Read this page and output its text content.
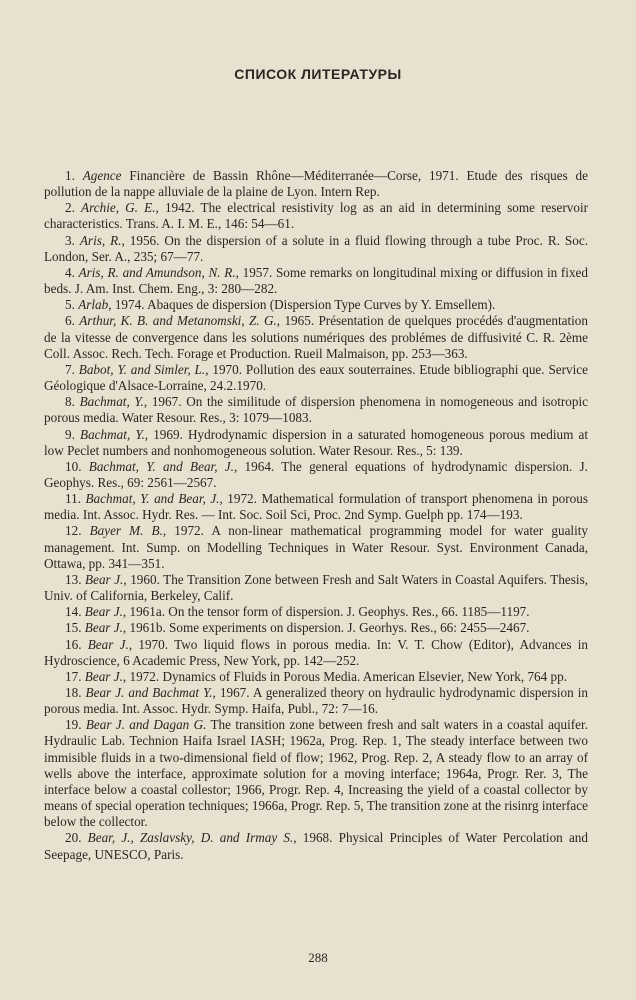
СПИСОК ЛИТЕРАТУРЫ

1. Agence Financière de Bassin Rhône—Méditerranée—Corse, 1971. Etude des risques de pollution de la nappe alluviale de la plaine de Lyon. Intern Rep.

2. Archie, G. E., 1942. The electrical resistivity log as an aid in determining some reservoir characteristics. Trans. A. I. M. E., 146: 54—61.

3. Aris, R., 1956. On the dispersion of a solute in a fluid flowing through a tube Proc. R. Soc. London, Ser. A., 235; 67—77.

4. Aris, R. and Amundson, N. R., 1957. Some remarks on longitudinal mixing or diffusion in fixed beds. J. Am. Inst. Chem. Eng., 3: 280—282.

5. Arlab, 1974. Abaques de dispersion (Dispersion Type Curves by Y. Emsellem).

6. Arthur, K. B. and Metanomski, Z. G., 1965. Présentation de quelques procédés d'augmentation de la vitesse de convergence dans les solutions numériques des problémes de diffusivité C. R. 2ème Coll. Assoc. Rech. Tech. Forage et Production. Rueil Malmaison, pp. 253—363.

7. Babot, Y. and Simler, L., 1970. Pollution des eaux souterraines. Etude bibliographi que. Service Géologique d'Alsace-Lorraine, 24.2.1970.

8. Bachmat, Y., 1967. On the similitude of dispersion phenomena in nomogeneous and isotropic porous media. Water Resour. Res., 3: 1079—1083.

9. Bachmat, Y., 1969. Hydrodynamic dispersion in a saturated homogeneous porous medium at low Peclet numbers and nonhomogeneous solution. Water Resour. Res., 5: 139.

10. Bachmat, Y. and Bear, J., 1964. The general equations of hydrodynamic dispersion. J. Geophys. Res., 69: 2561—2567.

11. Bachmat, Y. and Bear, J., 1972. Mathematical formulation of transport phenomena in porous media. Int. Assoc. Hydr. Res. — Int. Soc. Soil Sci, Proc. 2nd Symp. Guelph pp. 174—193.

12. Bayer M. B., 1972. A non-linear mathematical programming model for water guality management. Int. Sump. on Modelling Techniques in Water Resour. Syst. Environment Canada, Ottawa, pp. 341—351.

13. Bear J., 1960. The Transition Zone between Fresh and Salt Waters in Coastal Aquifers. Thesis, Univ. of California, Berkeley, Calif.

14. Bear J., 1961a. On the tensor form of dispersion. J. Geophys. Res., 66. 1185—1197.

15. Bear J., 1961b. Some experiments on dispersion. J. Georhys. Res., 66: 2455—2467.

16. Bear J., 1970. Two liquid flows in porous media. In: V. T. Chow (Editor), Advances in Hydroscience, 6 Academic Press, New York, pp. 142—252.

17. Bear J., 1972. Dynamics of Fluids in Porous Media. American Elsevier, New York, 764 pp.

18. Bear J. and Bachmat Y., 1967. A generalized theory on hydraulic hydrodynamic dispersion in porous media. Int. Assoc. Hydr. Symp. Haifa, Publ., 72: 7—16.

19. Bear J. and Dagan G. The transition zone between fresh and salt waters in a coastal aquifer. Hydraulic Lab. Technion Haifa Israel IASH; 1962a, Prog. Rep. 1, The steady interface between two immisible fluids in a two-dimensional field of flow; 1962, Prog. Rep. 2, A steady flow to an array of wells above the interface, approximate solution for a moving interface; 1964a, Progr. Rer. 3, The interface below a coastal collestor; 1966, Progr. Rep. 4, Increasing the yield of a coastal collector by means of special operation techniques; 1966a, Progr. Rep. 5, The transition zone at the risinrg interface below the collector.

20. Bear, J., Zaslavsky, D. and Irmay S., 1968. Physical Principles of Water Percolation and Seepage, UNESCO, Paris.

288
